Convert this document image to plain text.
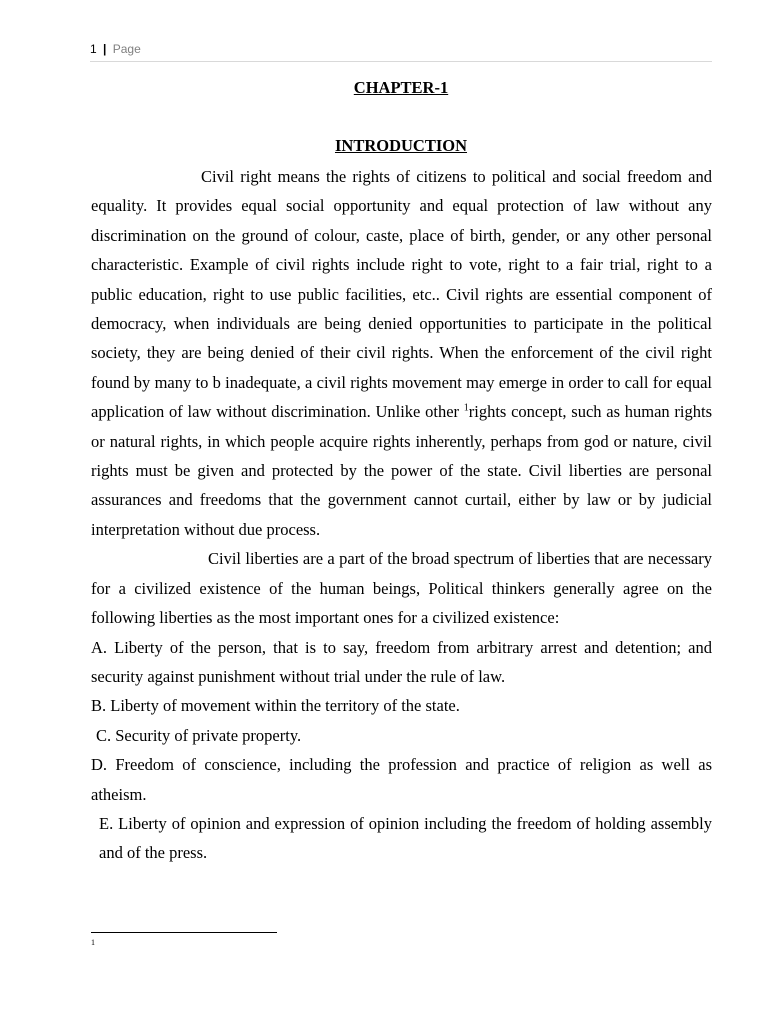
1 | Page
CHAPTER-1
INTRODUCTION

Civil right means the rights of citizens to political and social freedom and equality. It provides equal social opportunity and equal protection of law without any discrimination on the ground of colour, caste, place of birth, gender, or any other personal characteristic. Example of civil rights include right to vote, right to a fair trial, right to a public education, right to use public facilities, etc.. Civil rights are essential component of democracy, when individuals are being denied opportunities to participate in the political society, they are being denied of their civil rights. When the enforcement of the civil right found by many to b inadequate, a civil rights movement may emerge in order to call for equal application of law without discrimination. Unlike other $^1$rights concept, such as human rights or natural rights, in which people acquire rights inherently, perhaps from god or nature, civil rights must be given and protected by the power of the state. Civil liberties are personal assurances and freedoms that the government cannot curtail, either by law or by judicial interpretation without due process.

Civil liberties are a part of the broad spectrum of liberties that are necessary for a civilized existence of the human beings, Political thinkers generally agree on the following liberties as the most important ones for a civilized existence:

A. Liberty of the person, that is to say, freedom from arbitrary arrest and detention; and security against punishment without trial under the rule of law.

B. Liberty of movement within the territory of the state.

C. Security of private property.

D. Freedom of conscience, including the profession and practice of religion as well as atheism.

E. Liberty of opinion and expression of opinion including the freedom of holding assembly and of the press.

1
